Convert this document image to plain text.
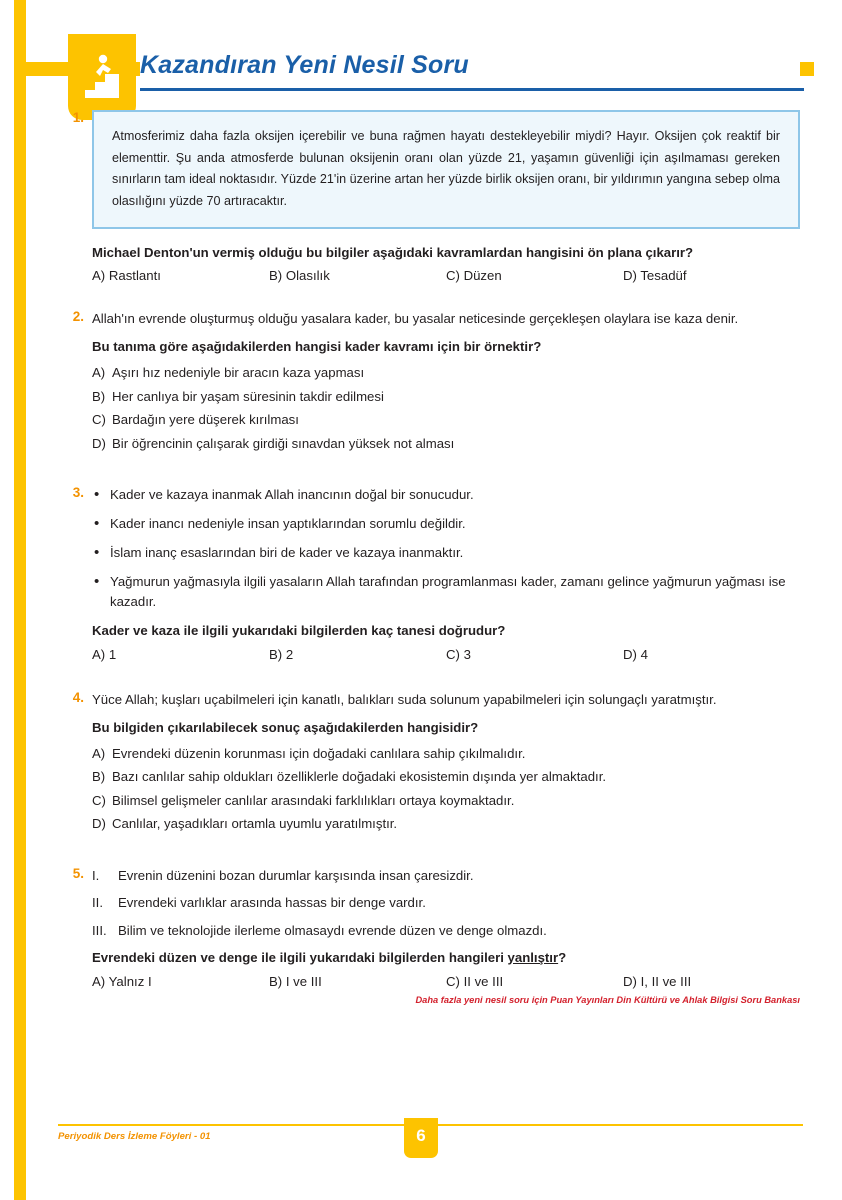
Kazandıran Yeni Nesil Soru
1.

Atmosferimiz daha fazla oksijen içerebilir ve buna rağmen hayatı destekleyebilir miydi? Hayır. Oksijen çok reaktif bir elementtir. Şu anda atmosferde bulunan oksijenin oranı olan yüzde 21, yaşamın güvenliği için aşılmaması gereken sınırların tam ideal noktasıdır. Yüzde 21'in üzerine artan her yüzde birlik oksijen oranı, bir yıldırımın yangına sebep olma olasılığını yüzde 70 artıracaktır.

Michael Denton'un vermiş olduğu bu bilgiler aşağıdaki kavramlardan hangisini ön plana çıkarır?
A) Rastlantı	B) Olasılık	C) Düzen	D) Tesadüf
2. Allah'ın evrende oluşturmuş olduğu yasalara kader, bu yasalar neticesinde gerçekleşen olaylara ise kaza denir.
Bu tanıma göre aşağıdakilerden hangisi kader kavramı için bir örnektir?
A) Aşırı hız nedeniyle bir aracın kaza yapması
B) Her canlıya bir yaşam süresinin takdir edilmesi
C) Bardağın yere düşerek kırılması
D) Bir öğrencinin çalışarak girdiği sınavdan yüksek not alması
3.	• Kader ve kazaya inanmak Allah inancının doğal bir sonucudur.
• Kader inancı nedeniyle insan yaptıklarından sorumlu değildir.
• İslam inanç esaslarından biri de kader ve kazaya inanmaktır.
• Yağmurun yağmasıyla ilgili yasaların Allah tarafından programlanması kader, zamanı gelince yağmurun yağması ise kazadır.
Kader ve kaza ile ilgili yukarıdaki bilgilerden kaç tanesi doğrudur?
A) 1	B) 2	C) 3	D) 4
4. Yüce Allah; kuşları uçabilmeleri için kanatlı, balıkları suda solunum yapabilmeleri için solungaçlı yaratmıştır.
Bu bilgiden çıkarılabilecek sonuç aşağıdakilerden hangisidir?
A) Evrendeki düzenin korunması için doğadaki canlılara sahip çıkılmalıdır.
B) Bazı canlılar sahip oldukları özelliklerle doğadaki ekosistemin dışında yer almaktadır.
C) Bilimsel gelişmeler canlılar arasındaki farklılıkları ortaya koymaktadır.
D) Canlılar, yaşadıkları ortamla uyumlu yaratılmıştır.
5. I.	Evrenin düzenini bozan durumlar karşısında insan çaresizdir.
II.	Evrendeki varlıklar arasında hassas bir denge vardır.
III. Bilim ve teknolojide ilerleme olmasaydı evrende düzen ve denge olmazdı.
Evrendeki düzen ve denge ile ilgili yukarıdaki bilgilerden hangileri yanlıştır?
A) Yalnız I	B) I ve III	C) II ve III	D) I, II ve III
Daha fazla yeni nesil soru için Puan Yayınları Din Kültürü ve Ahlak Bilgisi Soru Bankası
Periyodik Ders İzleme Föyleri - 01	6
